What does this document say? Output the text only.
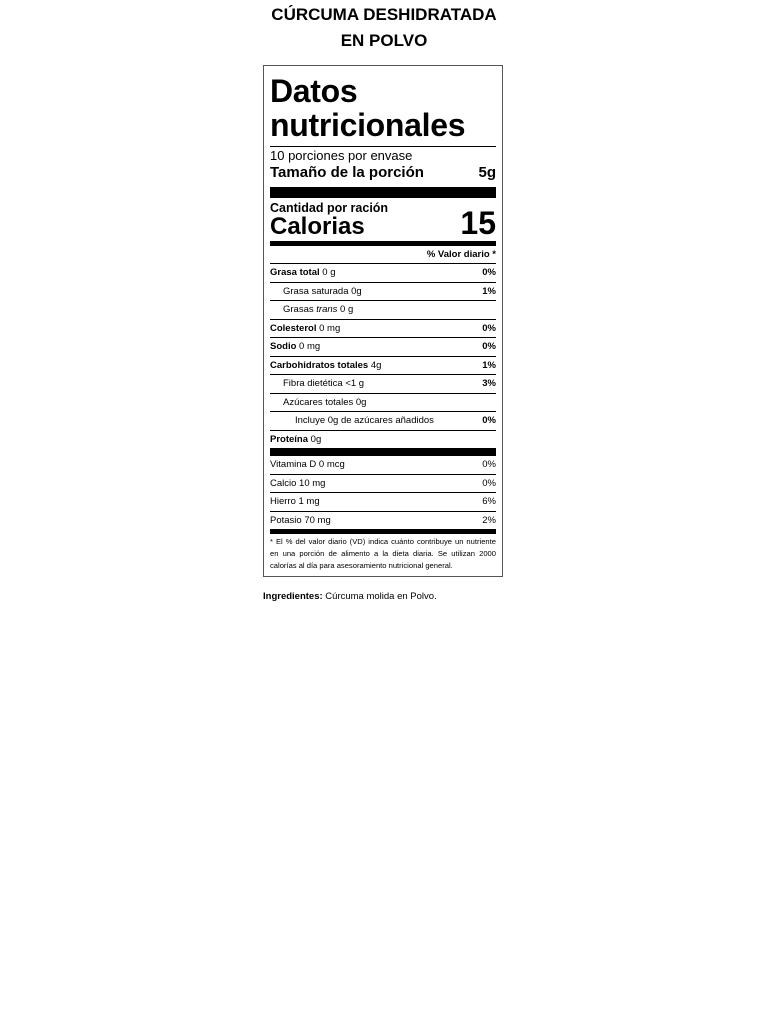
CÚRCUMA DESHIDRATADA
EN POLVO
Datos
nutricionales
10 porciones por envase
Tamaño de la porción	5g
Cantidad por ración
Calorias	15
% Valor diario *
Grasa total 0 g	0%
Grasa saturada 0g	1%
Grasas trans 0 g
Colesterol 0 mg	0%
Sodio 0 mg	0%
Carbohidratos totales 4g	1%
Fibra dietética <1 g	3%
Azúcares totales 0g
Incluye 0g de azúcares añadidos	0%
Proteína 0g
Vitamina D 0 mcg	0%
Calcio 10 mg	0%
Hierro 1 mg	6%
Potasio 70 mg	2%
* El % del valor diario (VD) indica cuánto contribuye un nutriente en una porción de alimento a la dieta diaria. Se utilizan 2000 calorías al día para asesoramiento nutricional general.
Ingredientes: Cúrcuma molida en Polvo.
